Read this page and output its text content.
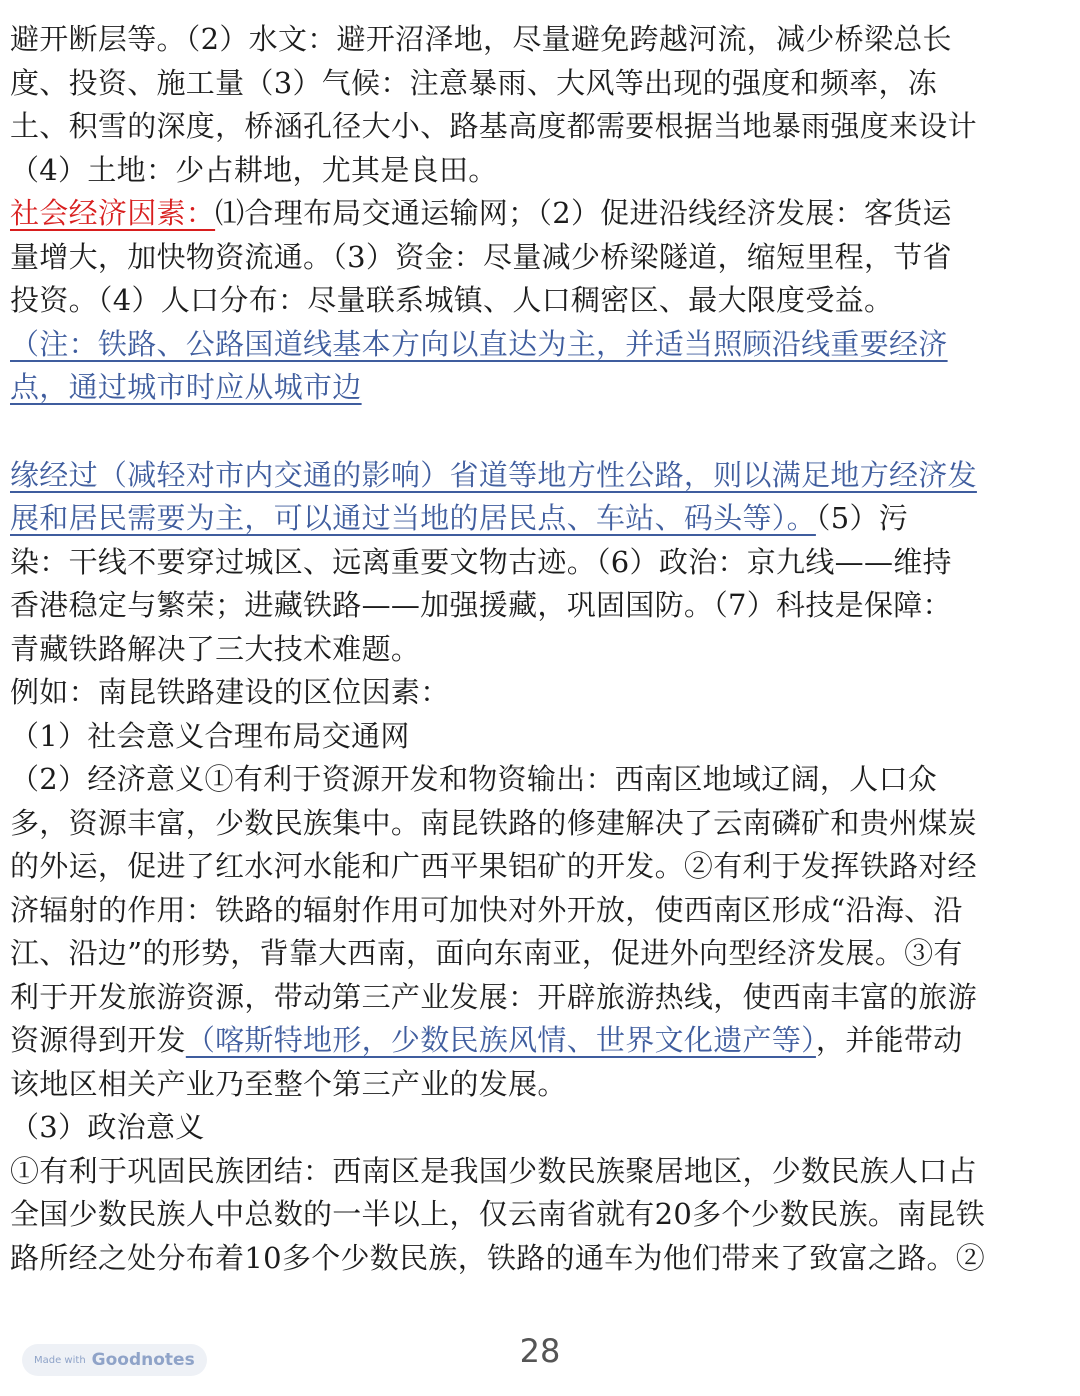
避开断层等。（2）水文：避开沼泽地，尽量避免跨越河流，减少桥梁总长

度、投资、施工量（3）气候：注意暴雨、大风等出现的强度和频率，冻

土、积雪的深度，桥涵孔径大小、路基高度都需要根据当地暴雨强度来设计

（4）土地：少占耕地，尤其是良田。

社会经济因素：⑴合理布局交通运输网；（2）促进沿线经济发展：客货运

量增大，加快物资流通。（3）资金：尽量减少桥梁隧道，缩短里程，节省

投资。（4）人口分布：尽量联系城镇、人口稠密区、最大限度受益。

（注：铁路、公路国道线基本方向以直达为主，并适当照顾沿线重要经济

点，通过城市时应从城市边

缘经过（减轻对市内交通的影响）省道等地方性公路，则以满足地方经济发

展和居民需要为主，可以通过当地的居民点、车站、码头等）。（5）污

染：干线不要穿过城区、远离重要文物古迹。（6）政治：京九线——维持

香港稳定与繁荣；进藏铁路——加强援藏，巩固国防。（7）科技是保障：

青藏铁路解决了三大技术难题。

例如：南昆铁路建设的区位因素：

（1）社会意义合理布局交通网

（2）经济意义①有利于资源开发和物资输出：西南区地域辽阔，人口众

多，资源丰富，少数民族集中。南昆铁路的修建解决了云南磷矿和贵州煤炭

的外运，促进了红水河水能和广西平果铝矿的开发。②有利于发挥铁路对经

济辐射的作用：铁路的辐射作用可加快对外开放，使西南区形成“沿海、沿

江、沿边”的形势，背靠大西南，面向东南亚，促进外向型经济发展。③有

利于开发旅游资源，带动第三产业发展：开辟旅游热线，使西南丰富的旅游

资源得到开发（喀斯特地形，少数民族风情、世界文化遗产等），并能带动

该地区相关产业乃至整个第三产业的发展。

（3）政治意义

①有利于巩固民族团结：西南区是我国少数民族聚居地区，少数民族人口占

全国少数民族人中总数的一半以上，仅云南省就有20多个少数民族。南昆铁

路所经之处分布着10多个少数民族，铁路的通车为他们带来了致富之路。②

Made with Goodnotes	28
